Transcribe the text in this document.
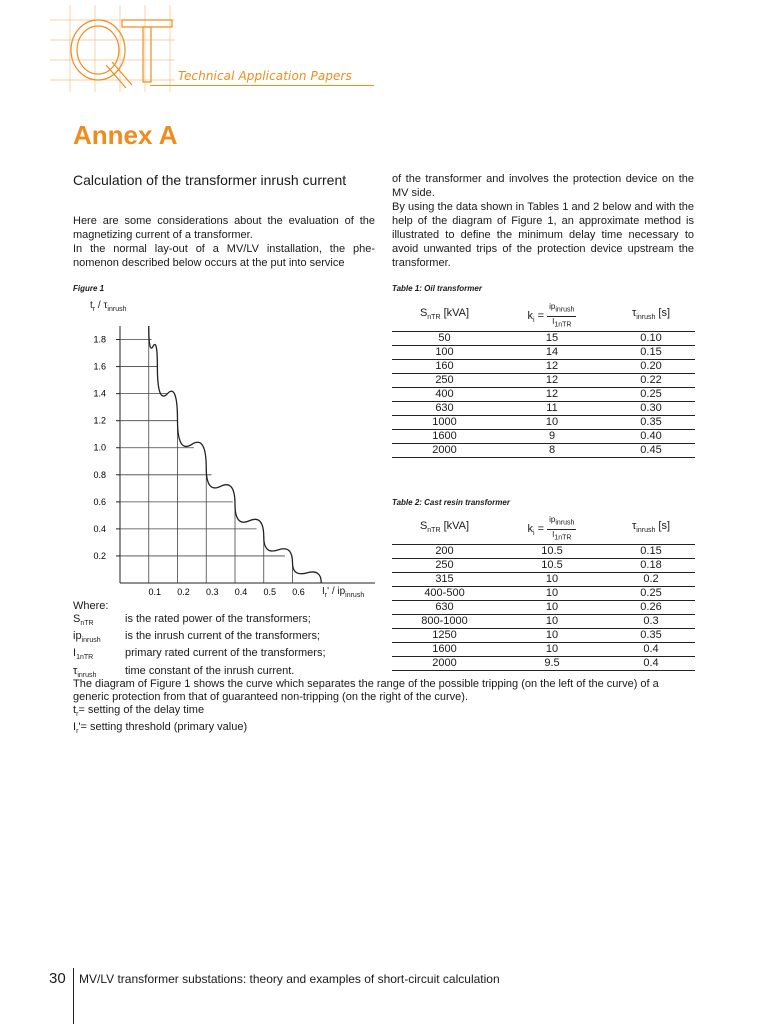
Technical Application Papers
Annex A
Calculation of the transformer inrush current
Here are some considerations about the evaluation of the magnetizing current of a transformer.
In the normal lay-out of a MV/LV installation, the phe-nomenon described below occurs at the put into service
of the transformer and involves the protection device on the MV side.
By using the data shown in Tables 1 and 2 below and with the help of the diagram of Figure 1, an approximate method is illustrated to define the minimum delay time necessary to avoid unwanted trips of the protection device upstream the transformer.
Figure 1
0.2
0.4
0.6
0.8
1.0
1.2
1.4
1.6
1.8
0.1 0.2 0.3 0.4 0.5 0.6
$t_r / \tau_{inrush}$
$I_r' / ip_{inrush}$
Where:
$S_{nTR}$	is the rated power of the transformers;
$ip_{inrush}$	is the inrush current of the transformers;
$I_{1nTR}$	primary rated current of the transformers;
$\tau_{inrush}$	time constant of the inrush current.
Table 1: Oil transformer
$S_{nTR}$ [kVA]	$k_i = \frac{ip_{inrush}}{I_{1nTR}}$	$\tau_{inrush}$ [s]
50	15	0.10
100	14	0.15
160	12	0.20
250	12	0.22
400	12	0.25
630	11	0.30
1000	10	0.35
1600	9	0.40
2000	8	0.45
Table 2: Cast resin transformer
$S_{nTR}$ [kVA]	$k_i = \frac{ip_{inrush}}{I_{1nTR}}$	$\tau_{inrush}$ [s]
200	10.5	0.15
250	10.5	0.18
315	10	0.2
400-500	10	0.25
630	10	0.26
800-1000	10	0.3
1250	10	0.35
1600	10	0.4
2000	9.5	0.4
The diagram of Figure 1 shows the curve which separates the range of the possible tripping (on the left of the curve) of a generic protection from that of guaranteed non-tripping (on the right of the curve).
$t_r=$ setting of the delay time
$I_r'=$ setting threshold (primary value)
30 MV/LV transformer substations: theory and examples of short-circuit calculation
